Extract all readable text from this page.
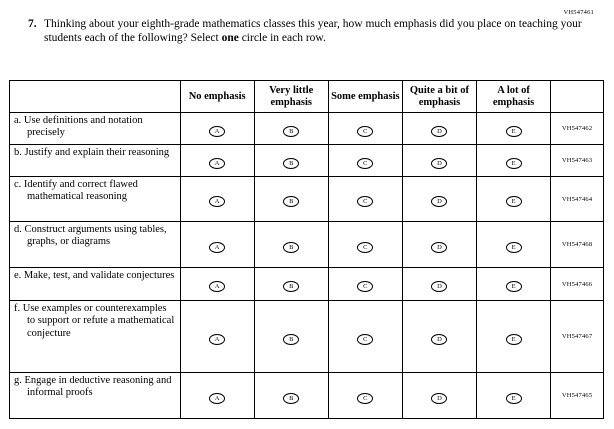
VH547461
7. Thinking about your eighth-grade mathematics classes this year, how much emphasis did you place on teaching your students each of the following? Select one circle in each row.
	No emphasis	Very little emphasis	Some emphasis	Quite a bit of emphasis	A lot of emphasis	

a. Use definitions and notation precisely	A	B	C	D	E	VH547462

b. Justify and explain their reasoning	A	B	C	D	E	VH547463

c. Identify and correct flawed mathematical reasoning	A	B	C	D	E	VH547464

d. Construct arguments using tables, graphs, or diagrams	A	B	C	D	E	VH547468

e. Make, test, and validate conjectures	A	B	C	D	E	VH547466

f. Use examples or counterexamples to support or refute a mathematical conjecture	A	B	C	D	E	VH547467

g. Engage in deductive reasoning and informal proofs	A	B	C	D	E	VH547465
